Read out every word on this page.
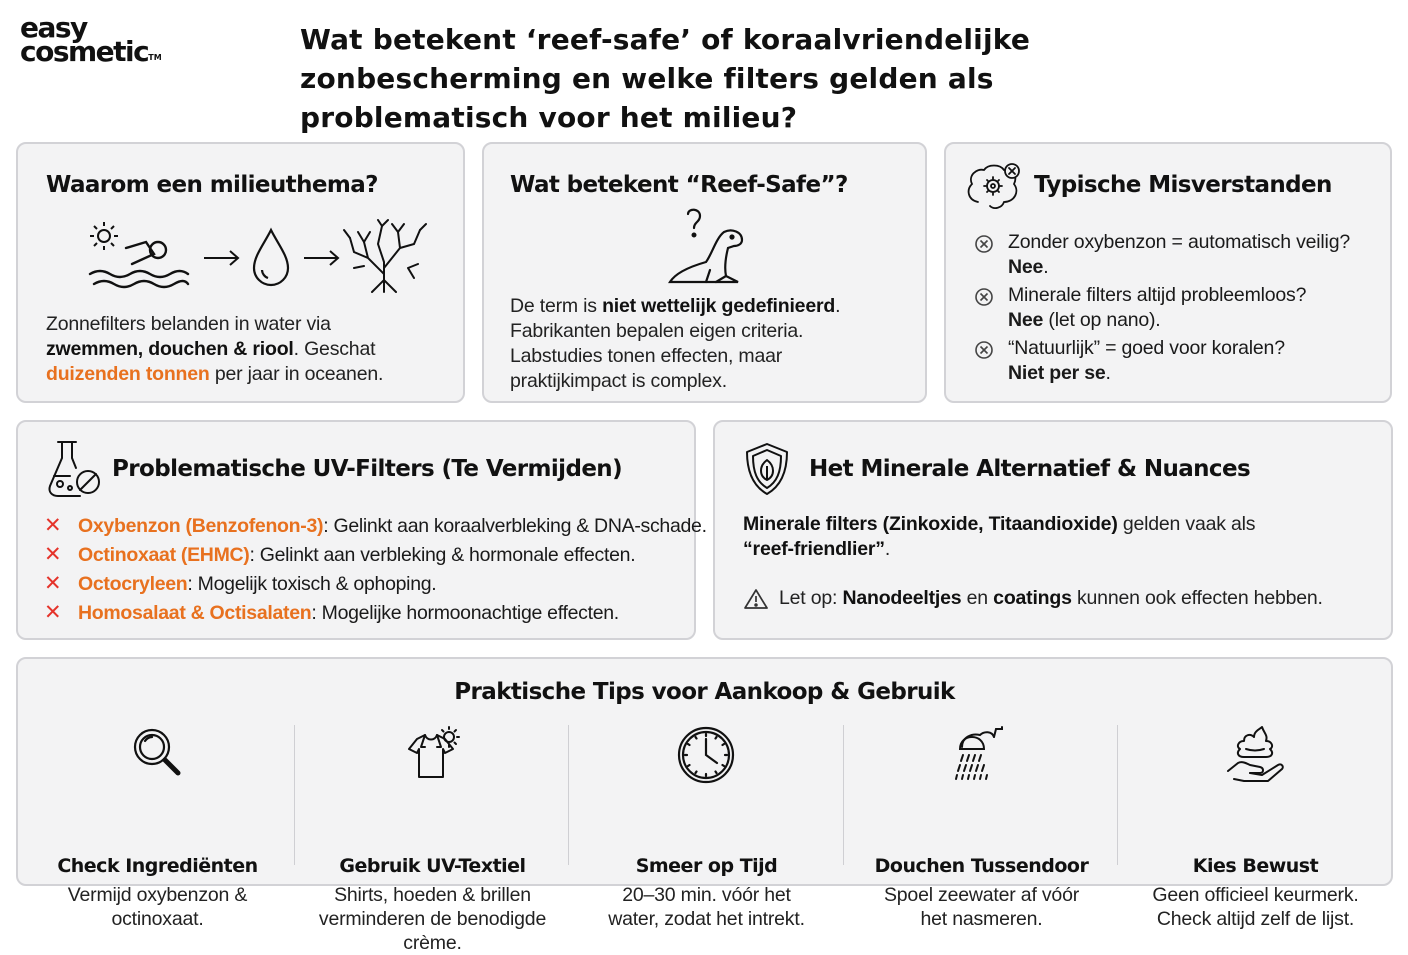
easy
cosmetic™
Wat betekent ‘reef-safe’ of koraalvriendelijke zonbescherming en welke filters gelden als problematisch voor het milieu?
Waarom een milieuthema?
Zonnefilters belanden in water via
zwemmen, douchen & riool. Geschat
duizenden tonnen per jaar in oceanen.
Wat betekent “Reef-Safe”?
De term is niet wettelijk gedefinieerd.
Fabrikanten bepalen eigen criteria.
Labstudies tonen effecten, maar
praktijkimpact is complex.
Typische Misverstanden
Zonder oxybenzon = automatisch veilig?
Nee.
Minerale filters altijd probleemloos?
Nee (let op nano).
“Natuurlijk” = goed voor koralen?
Niet per se.
Problematische UV-Filters (Te Vermijden)
✕ Oxybenzon (Benzofenon-3): Gelinkt aan koraalverbleking & DNA-schade.
✕ Octinoxaat (EHMC): Gelinkt aan verbleking & hormonale effecten.
✕ Octocryleen: Mogelijk toxisch & ophoping.
✕ Homosalaat & Octisalaten: Mogelijke hormoonachtige effecten.
Het Minerale Alternatief & Nuances
Minerale filters (Zinkoxide, Titaandioxide) gelden vaak als
“reef-friendlier”.
Let op: Nanodeeltjes en coatings kunnen ook effecten hebben.
Praktische Tips voor Aankoop & Gebruik
Check Ingrediënten
Vermijd oxybenzon &
octinoxaat.
Gebruik UV-Textiel
Shirts, hoeden & brillen
verminderen de benodigde crème.
Smeer op Tijd
20–30 min. vóór het
water, zodat het intrekt.
Douchen Tussendoor
Spoel zeewater af vóór
het nasmeren.
Kies Bewust
Geen officieel keurmerk.
Check altijd zelf de lijst.
